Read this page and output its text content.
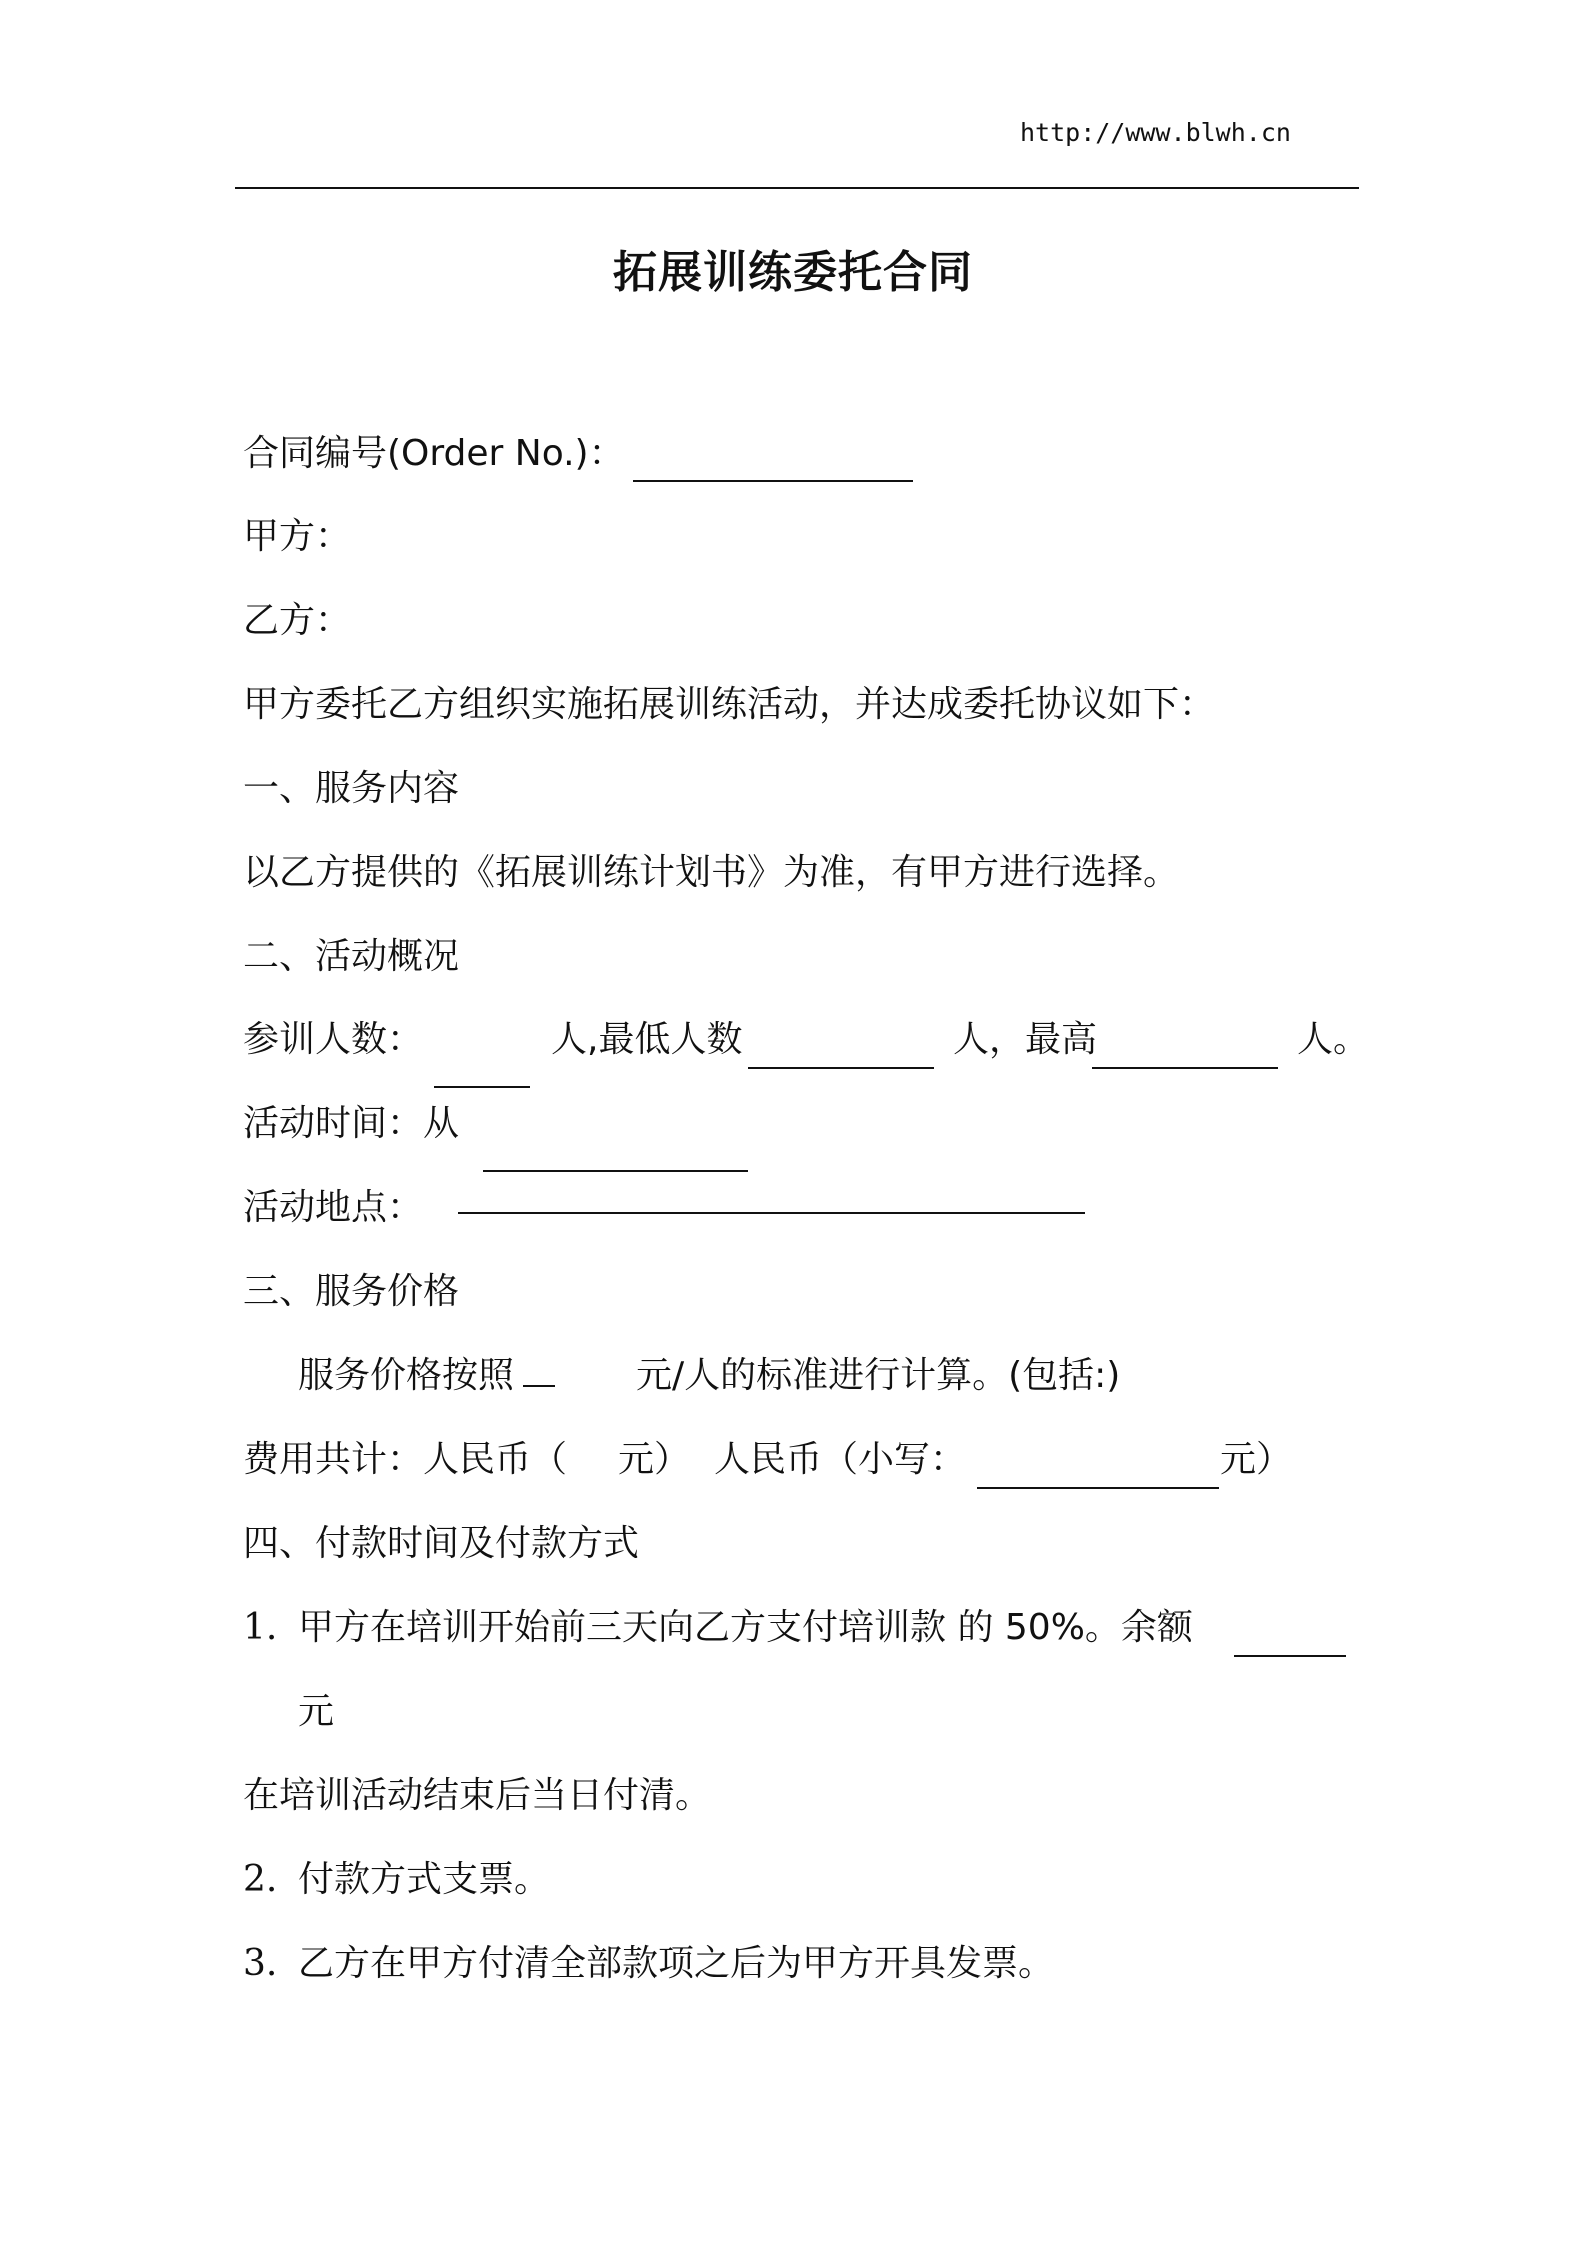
http://www.blwh.cn
拓展训练委托合同
合同编号(Order No.)：
甲方：
乙方：
甲方委托乙方组织实施拓展训练活动，并达成委托协议如下：
一、服务内容
以乙方提供的《拓展训练计划书》为准，有甲方进行选择。
二、活动概况
参训人数：	人,最低人数	人，最高	人。
活动时间：从
活动地点：
三、服务价格
服务价格按照	元/人的标准进行计算。(包括:)
费用共计：人民币（ 元） 人民币（小写：	元）
四、付款时间及付款方式
1. 甲方在培训开始前三天向乙方支付培训款 的 50%。余额
元
在培训活动结束后当日付清。
2. 付款方式支票。
3. 乙方在甲方付清全部款项之后为甲方开具发票。
